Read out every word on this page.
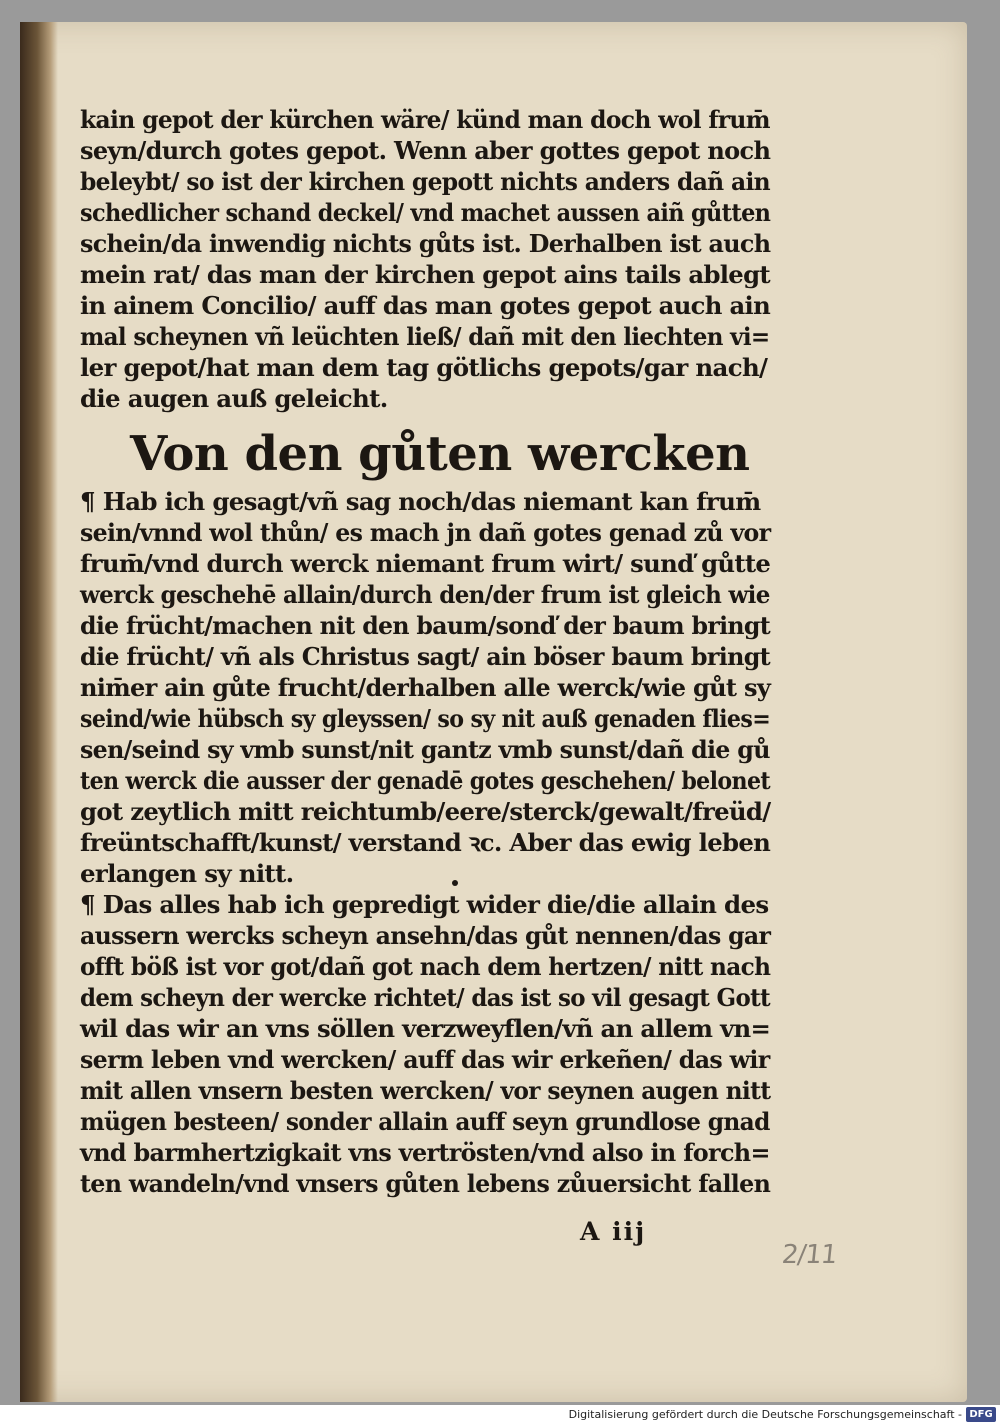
kain gepot der kürchen wäre/ künd man doch wol frum̄
seyn/durch gotes gepot. Wenn aber gottes gepot noch
beleybt/ so ist der kirchen gepott nichts anders dañ ain
schedlicher schand deckel/ vnd machet aussen aiñ gůtten
schein/da inwendig nichts gůts ist. Derhalben ist auch
mein rat/ das man der kirchen gepot ains tails ablegt
in ainem Concilio/ auff das man gotes gepot auch ain
mal scheynen vñ leüchten ließ/ dañ mit den liechten vi=
ler gepot/hat man dem tag götlichs gepots/gar nach/
die augen auß geleicht.
Von den gůten wercken
¶ Hab ich gesagt/vñ sag noch/das niemant kan frum̄
sein/vnnd wol thůn/ es mach jn dañ gotes genad zů vor
frum̄/vnd durch werck niemant frum wirt/ sunď gůtte
werck geschehē allain/durch den/der frum ist gleich wie
die frücht/machen nit den baum/sonď der baum bringt
die frücht/ vñ als Christus sagt/ ain böser baum bringt
nim̄er ain gůte frucht/derhalben alle werck/wie gůt sy
seind/wie hübsch sy gleyssen/ so sy nit auß genaden flies=
sen/seind sy vmb sunst/nit gantz vmb sunst/dañ die gů
ten werck die ausser der genadē gotes geschehen/ belonet
got zeytlich mitt reichtumb/eere/sterck/gewalt/freüd/
freüntschafft/kunst/ verstand ꝛc. Aber das ewig leben
erlangen sy nitt.
¶ Das alles hab ich gepredigt wider die/die allain des
aussern wercks scheyn ansehn/das gůt nennen/das gar
offt böß ist vor got/dañ got nach dem hertzen/ nitt nach
dem scheyn der wercke richtet/ das ist so vil gesagt Gott
wil das wir an vns söllen verzweyflen/vñ an allem vn=
serm leben vnd wercken/ auff das wir erkeñen/ das wir
mit allen vnsern besten wercken/ vor seynen augen nitt
mügen besteen/ sonder allain auff seyn grundlose gnad
vnd barmhertzigkait vns vertrösten/vnd also in forch=
ten wandeln/vnd vnsers gůten lebens zůuersicht fallen
A iij
2/11
Digitalisierung gefördert durch die Deutsche Forschungsgemeinschaft - DFG
